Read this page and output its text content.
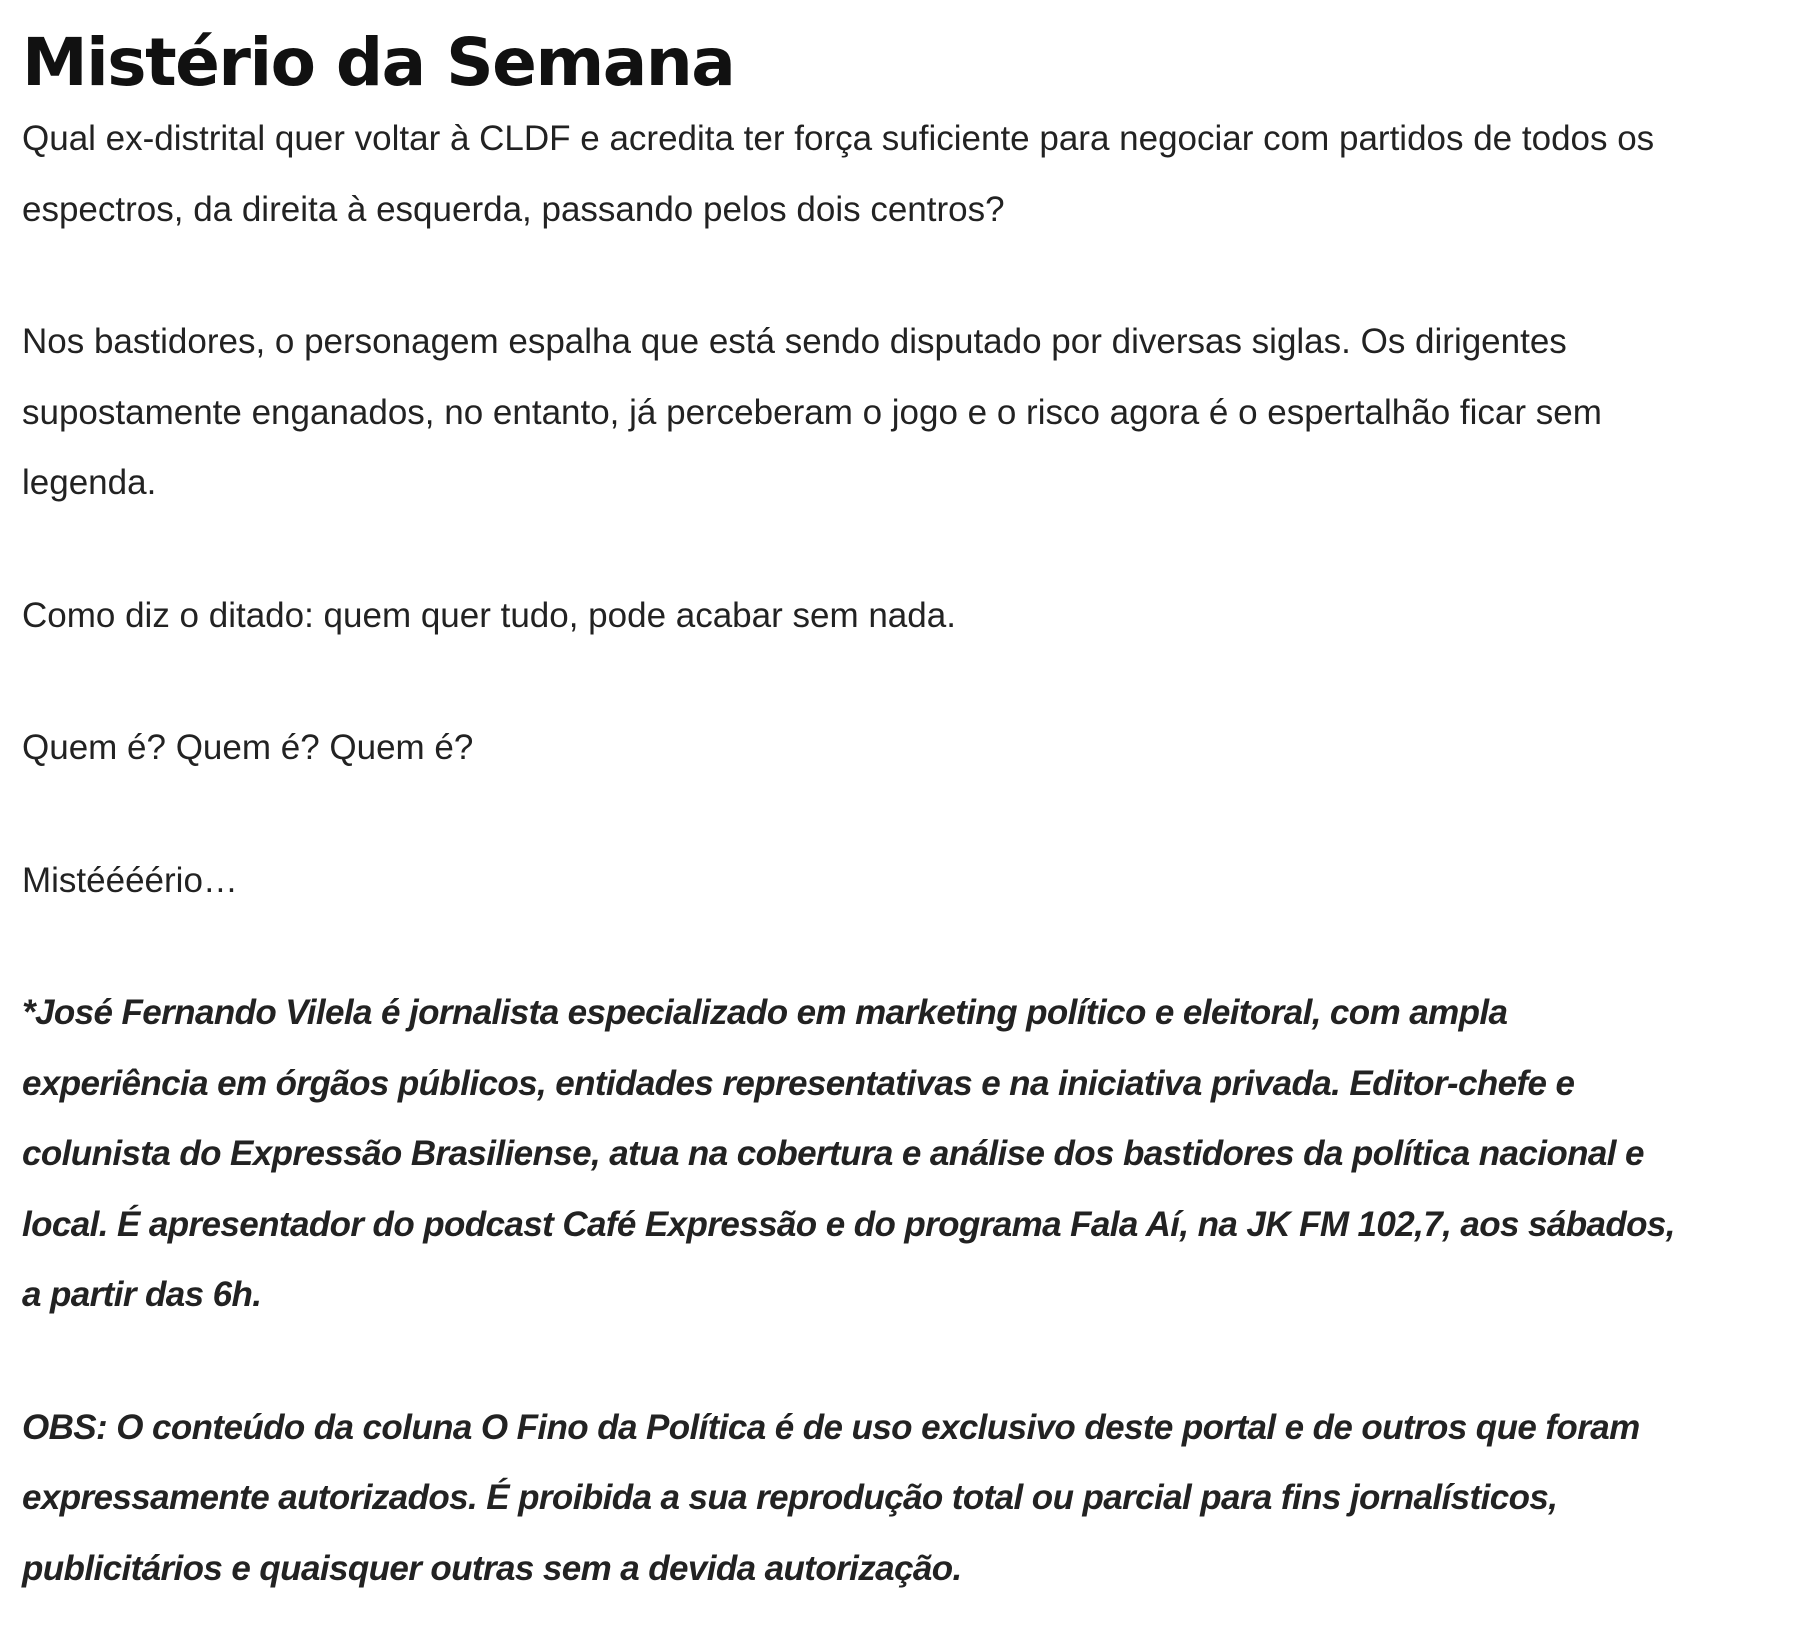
Mistério da Semana

Qual ex-distrital quer voltar à CLDF e acredita ter força suficiente para negociar com partidos de todos os espectros, da direita à esquerda, passando pelos dois centros?

Nos bastidores, o personagem espalha que está sendo disputado por diversas siglas. Os dirigentes supostamente enganados, no entanto, já perceberam o jogo e o risco agora é o espertalhão ficar sem legenda.

Como diz o ditado: quem quer tudo, pode acabar sem nada.

Quem é? Quem é? Quem é?

Mistéééério…

*José Fernando Vilela é jornalista especializado em marketing político e eleitoral, com ampla experiência em órgãos públicos, entidades representativas e na iniciativa privada. Editor-chefe e colunista do Expressão Brasiliense, atua na cobertura e análise dos bastidores da política nacional e local. É apresentador do podcast Café Expressão e do programa Fala Aí, na JK FM 102,7, aos sábados, a partir das 6h.

OBS: O conteúdo da coluna O Fino da Política é de uso exclusivo deste portal e de outros que foram expressamente autorizados. É proibida a sua reprodução total ou parcial para fins jornalísticos, publicitários e quaisquer outras sem a devida autorização.
